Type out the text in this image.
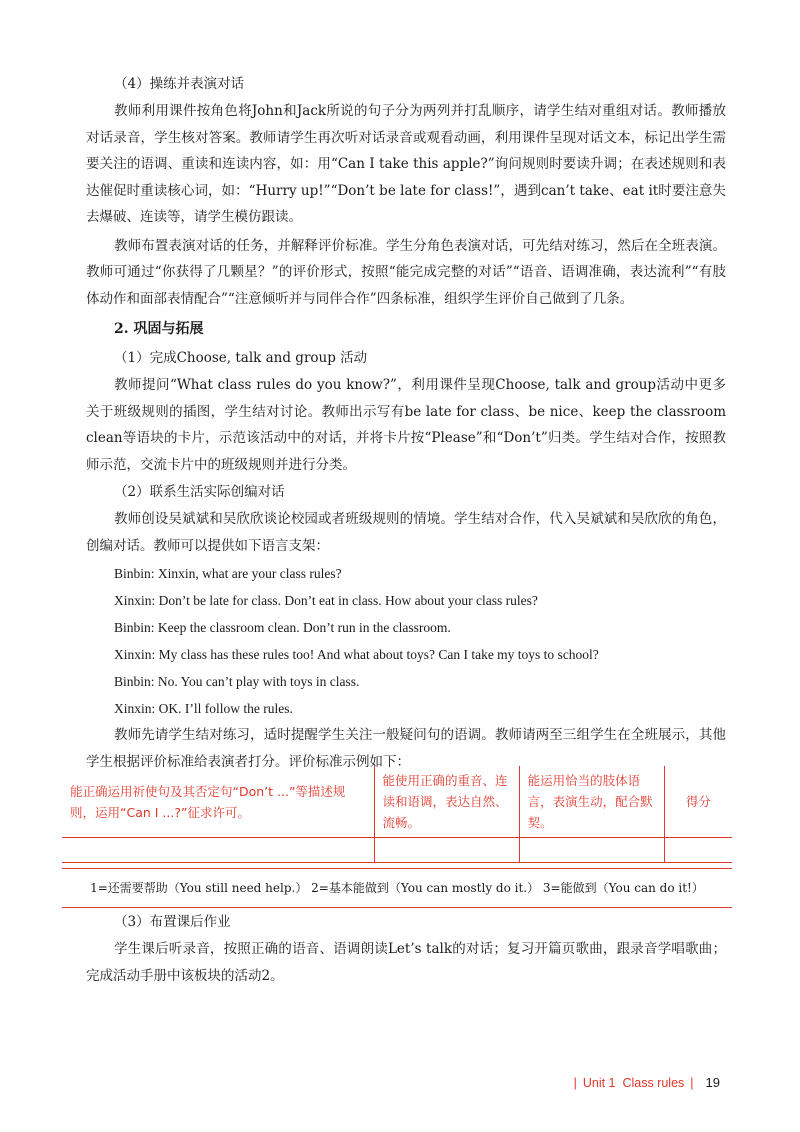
（4）操练并表演对话

教师利用课件按角色将John和Jack所说的句子分为两列并打乱顺序，请学生结对重组对话。教师播放对话录音，学生核对答案。教师请学生再次听对话录音或观看动画，利用课件呈现对话文本，标记出学生需要关注的语调、重读和连读内容，如：用“Can I take this apple?”询问规则时要读升调；在表述规则和表达催促时重读核心词，如：“Hurry up!”“Don’t be late for class!”，遇到can’t take、eat it时要注意失去爆破、连读等，请学生模仿跟读。

教师布置表演对话的任务，并解释评价标准。学生分角色表演对话，可先结对练习，然后在全班表演。教师可通过“你获得了几颗星？”的评价形式，按照“能完成完整的对话”“语音、语调准确，表达流利”“有肢体动作和面部表情配合”“注意倾听并与同伴合作”四条标准，组织学生评价自己做到了几条。

2. 巩固与拓展

（1）完成Choose, talk and group 活动

教师提问“What class rules do you know?”，利用课件呈现Choose, talk and group活动中更多关于班级规则的插图，学生结对讨论。教师出示写有be late for class、be nice、keep the classroom clean等语块的卡片，示范该活动中的对话，并将卡片按“Please”和“Don’t”归类。学生结对合作，按照教师示范，交流卡片中的班级规则并进行分类。

（2）联系生活实际创编对话

教师创设吴斌斌和吴欣欣谈论校园或者班级规则的情境。学生结对合作，代入吴斌斌和吴欣欣的角色，创编对话。教师可以提供如下语言支架：

Binbin: Xinxin, what are your class rules?

Xinxin: Don’t be late for class. Don’t eat in class. How about your class rules?

Binbin: Keep the classroom clean. Don’t run in the classroom.

Xinxin: My class has these rules too! And what about toys? Can I take my toys to school?

Binbin: No. You can’t play with toys in class.

Xinxin: OK. I’ll follow the rules.

教师先请学生结对练习，适时提醒学生关注一般疑问句的语调。教师请两至三组学生在全班展示，其他学生根据评价标准给表演者打分。评价标准示例如下：

能正确运用祈使句及其否定句“Don’t ...”等描述规则，运用“Can I ...?”征求许可。	能使用正确的重音、连读和语调，表达自然、流畅。	能运用恰当的肢体语言，表演生动，配合默契。	得分

1=还需要帮助（You still need help.） 2=基本能做到（You can mostly do it.） 3=能做到（You can do it!）

（3）布置课后作业

学生课后听录音，按照正确的语音、语调朗读Let’s talk的对话；复习开篇页歌曲，跟录音学唱歌曲；完成活动手册中该板块的活动2。

| Unit 1 Class rules | 19
